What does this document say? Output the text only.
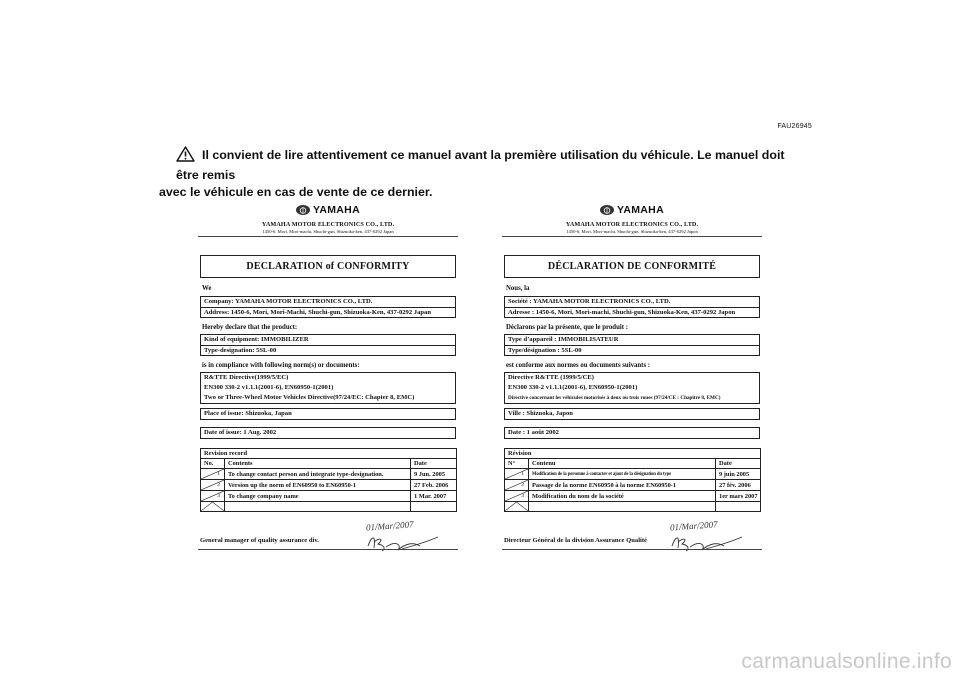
FAU26945
Il convient de lire attentivement ce manuel avant la première utilisation du véhicule. Le manuel doit être remis
avec le véhicule en cas de vente de ce dernier.
YAMAHA
YAMAHA MOTOR ELECTRONICS CO., LTD.
1450-6, Mori, Mori-machi, Shuchi-gun, Shizuoka-ken, 437-0292 Japan
DECLARATION of CONFORMITY
We
Company: YAMAHA MOTOR ELECTRONICS CO., LTD.
Address: 1450-6, Mori, Mori-Machi, Shuchi-gun, Shizuoka-Ken, 437-0292 Japan
Hereby declare that the product:
Kind of equipment: IMMOBILIZER
Type-designation: 5SL-00
is in compliance with following norm(s) or documents:
R&TTE Directive(1999/5/EC)
EN300 330-2 v1.1.1(2001-6), EN60950-1(2001)
Two or Three-Wheel Motor Vehicles Directive(97/24/EC: Chapter 8, EMC)
Place of issue: Shizuoka, Japan
Date of issue: 1 Aug. 2002
Revision record		
No.	Contents	Date

1	To change contact person and integrate type-designation.	9 Jun. 2005

2	Version up the norm of EN60950 to EN60950-1	27 Feb. 2006

3	To change company name	1 Mar. 2007

General manager of quality assurance div.
01/Mar/2007
YAMAHA
YAMAHA MOTOR ELECTRONICS CO., LTD.
1450-6, Mori, Mori-machi, Shuchi-gun, Shizuoka-ken, 437-0292 Japon
DÉCLARATION DE CONFORMITÉ
Nous, la
Société : YAMAHA MOTOR ELECTRONICS CO., LTD.
Adresse : 1450-6, Mori, Mori-machi, Shuchi-gun, Shizuoka-Ken, 437-0292 Japon
Déclarons par la présente, que le produit :
Type d’appareil : IMMOBILISATEUR
Type/désignation : 5SL-00
est conforme aux normes ou documents suivants :
Directive R&TTE (1999/5/CE)
EN300 330-2 v1.1.1(2001-6), EN60950-1(2001)
Directive concernant les véhicules motorisés à deux ou trois roues (97/24/CE : Chapitre 8, EMC)
Ville : Shizuoka, Japon
Date : 1 août 2002
Révision		
N°	Contenu	Date

1	Modification de la personne à contacter et ajout de la désignation du type	9 juin 2005

2	Passage de la norme EN60950 à la norme EN60950-1	27 fév. 2006

3	Modification du nom de la société	1er mars 2007

Directeur Général de la division Assurance Qualité
01/Mar/2007
carmanualsonline.info
